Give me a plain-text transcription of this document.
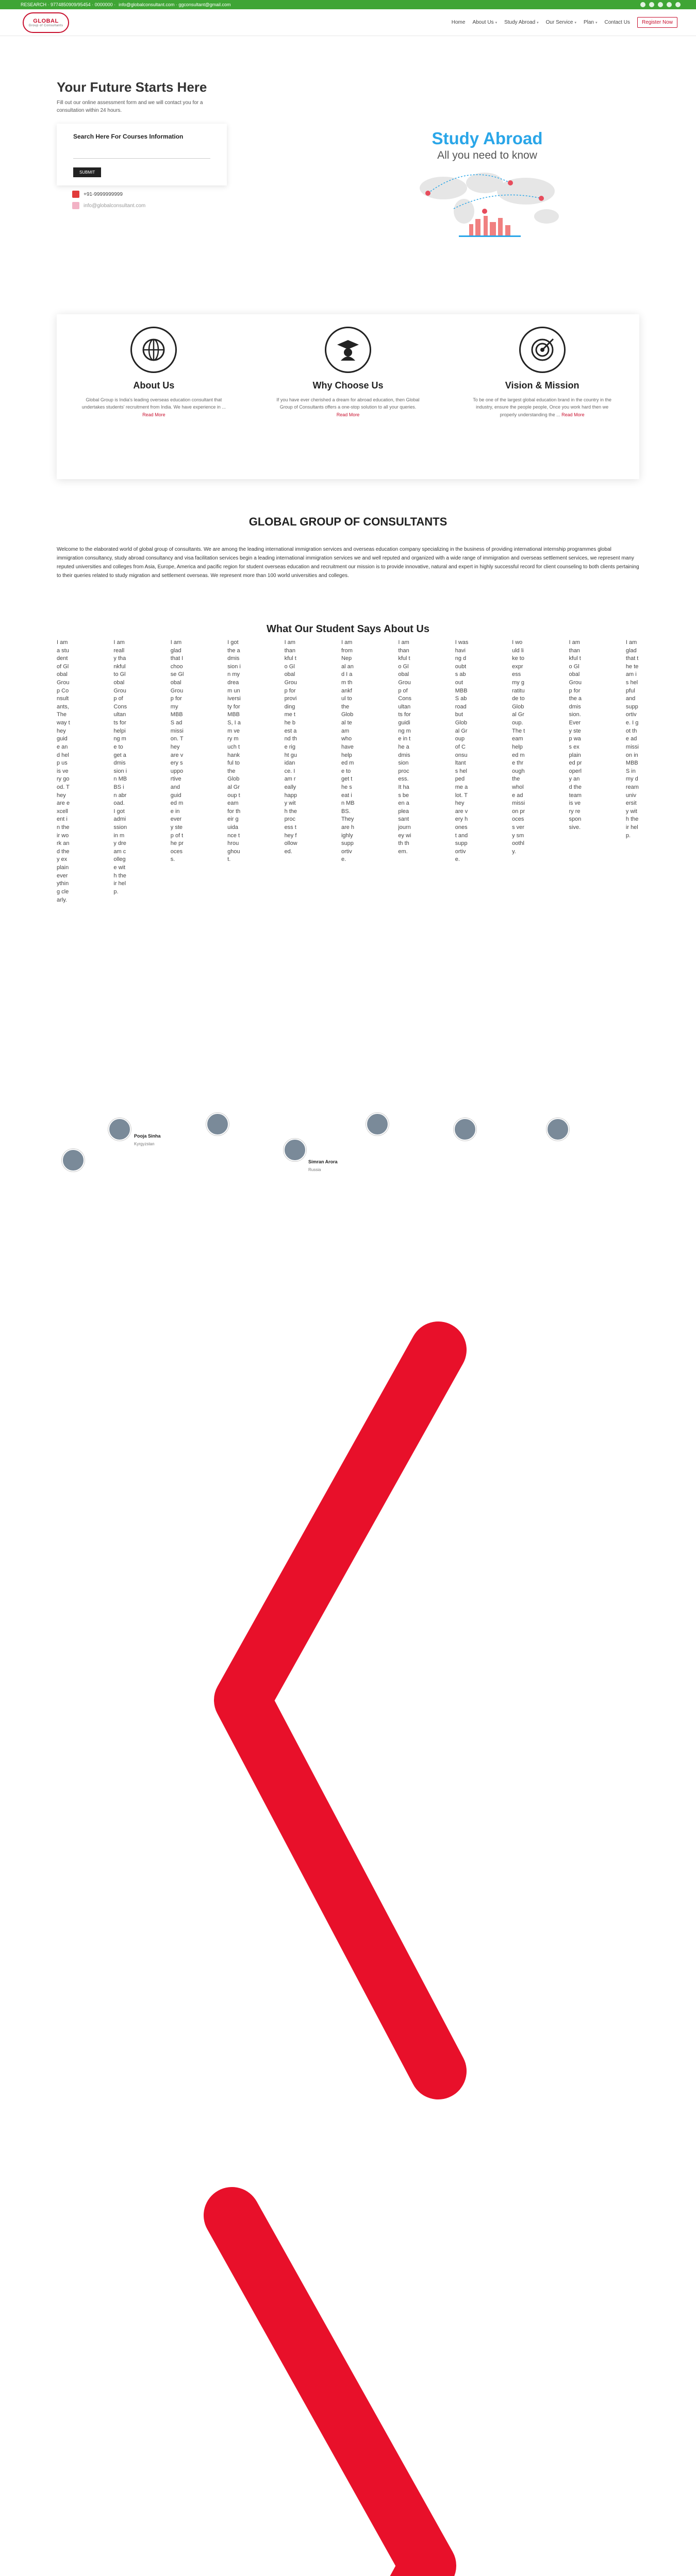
RESEARCH · 9774850909/95454 · 0000000 · info@globalconsultant.com · ggconsultant@gmail.com
GLOBAL
Group of Consultants
Home About Us ▾ Study Abroad ▾ Our Service ▾ Plan ▾ Contact Us	Register Now
Your Future Starts Here

Fill out our online assessment form and we will contact you for a consultation within 24 hours.

Search Here For Courses Information
SUBMIT
+91-9999999999
info@globalconsultant.com
Study Abroad
All you need to know
About Us
Global Group is India's leading overseas education consultant that undertakes students' recruitment from India. We have experience in ... Read More
Why Choose Us
If you have ever cherished a dream for abroad education, then Global Group of Consultants offers a one-stop solution to all your queries. Read More
Vision & Mission
To be one of the largest global education brand in the country in the industry, ensure the people people, Once you work hard then we properly understanding the ... Read More
GLOBAL GROUP OF CONSULTANTS

Welcome to the elaborated world of global group of consultants. We are among the leading international immigration services and overseas education company specializing in the business of providing international internship programmes global immigration consultancy, study abroad consultancy and visa facilitation services begin a leading international immigration services we and well reputed and organized with a wide range of immigration and overseas settlement services, we represent many reputed universities and colleges from Asia, Europe, America and pacific region for student overseas education and recruitment our mission is to provide innovative, natural and expert in highly successful record for client counseling to both clients pertaining to their queries related to study migration and settlement overseas. We represent more than 100 world universities and colleges.

What Our Student Says About Us
I am a student of Global Group Consultants, The way they guide and help us is very good. They are excellent in their work and they explain everything clearly.
I am really thankful to Global Group of Consultants for helping me to get admission in MBBS in abroad. I got admission in my dream college with their help.
I am glad that I choose Global Group for my MBBS admission. They are very supportive and guided me in every step of the process.
I got the admission in my dream university for MBBS, I am very much thankful to the Global Group team for their guidance throughout.
I am thankful to Global Group for providing me the best and the right guidance. I am really happy with the process they followed.
I am from Nepal and I am thankful to the Global team who have helped me to get the seat in MBBS. They are highly supportive.
I am thankful to Global Group of Consultants for guiding me in the admission process. It has been a pleasant journey with them.
I was having doubts about MBBS abroad but Global Group of Consultants helped me a lot. They are very honest and supportive.
I would like to express my gratitude to Global Group. The team helped me through the whole admission process very smoothly.
I am thankful to Global Group for the admission. Every step was explained properly and the team is very responsive.
I am glad that the team is helpful and supportive. I got the admission in MBBS in my dream university with their help.
Pooja Sinha
Kyrgyzstan
Simran Arora
Russia
